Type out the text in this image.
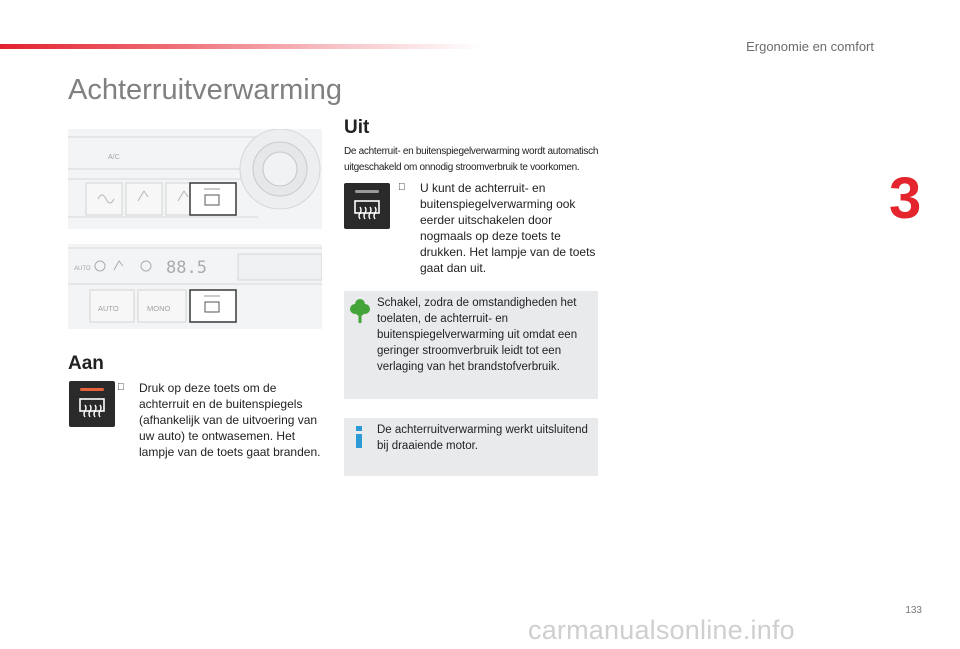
Ergonomie en comfort
Achterruitverwarming
3
A/C
AUTO	88.5
AUTO	MONO
Aan
Druk op deze toets om de achterruit en de buitenspiegels (afhankelijk van de uitvoering van uw auto) te ontwasemen. Het lampje van de toets gaat branden.
Uit
De achterruit- en buitenspiegelverwarming wordt automatisch uitgeschakeld om onnodig stroomverbruik te voorkomen.
U kunt de achterruit- en buitenspiegelverwarming ook eerder uitschakelen door nogmaals op deze toets te drukken. Het lampje van de toets gaat dan uit.
Schakel, zodra de omstandigheden het toelaten, de achterruit- en buitenspiegelverwarming uit omdat een geringer stroomverbruik leidt tot een verlaging van het brandstofverbruik.
De achterruitverwarming werkt uitsluitend bij draaiende motor.
133
carmanualsonline.info
